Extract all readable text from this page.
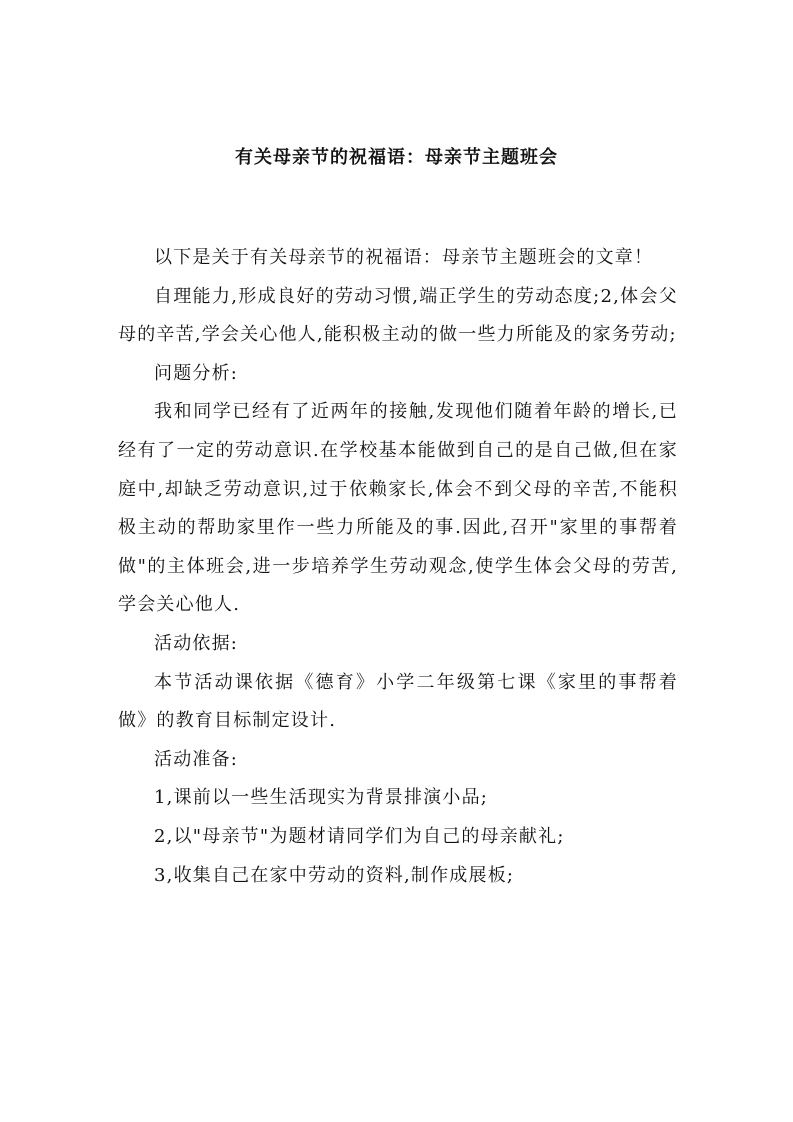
有关母亲节的祝福语：母亲节主题班会

以下是关于有关母亲节的祝福语：母亲节主题班会的文章！

自理能力,形成良好的劳动习惯,端正学生的劳动态度;2,体会父母的辛苦,学会关心他人,能积极主动的做一些力所能及的家务劳动;

问题分析:

我和同学已经有了近两年的接触,发现他们随着年龄的增长,已经有了一定的劳动意识.在学校基本能做到自己的是自己做,但在家庭中,却缺乏劳动意识,过于依赖家长,体会不到父母的辛苦,不能积极主动的帮助家里作一些力所能及的事.因此,召开"家里的事帮着做"的主体班会,进一步培养学生劳动观念,使学生体会父母的劳苦,学会关心他人.

活动依据:

本节活动课依据《德育》小学二年级第七课《家里的事帮着做》的教育目标制定设计.

活动准备:

1,课前以一些生活现实为背景排演小品;

2,以"母亲节"为题材请同学们为自己的母亲献礼;

3,收集自己在家中劳动的资料,制作成展板;
